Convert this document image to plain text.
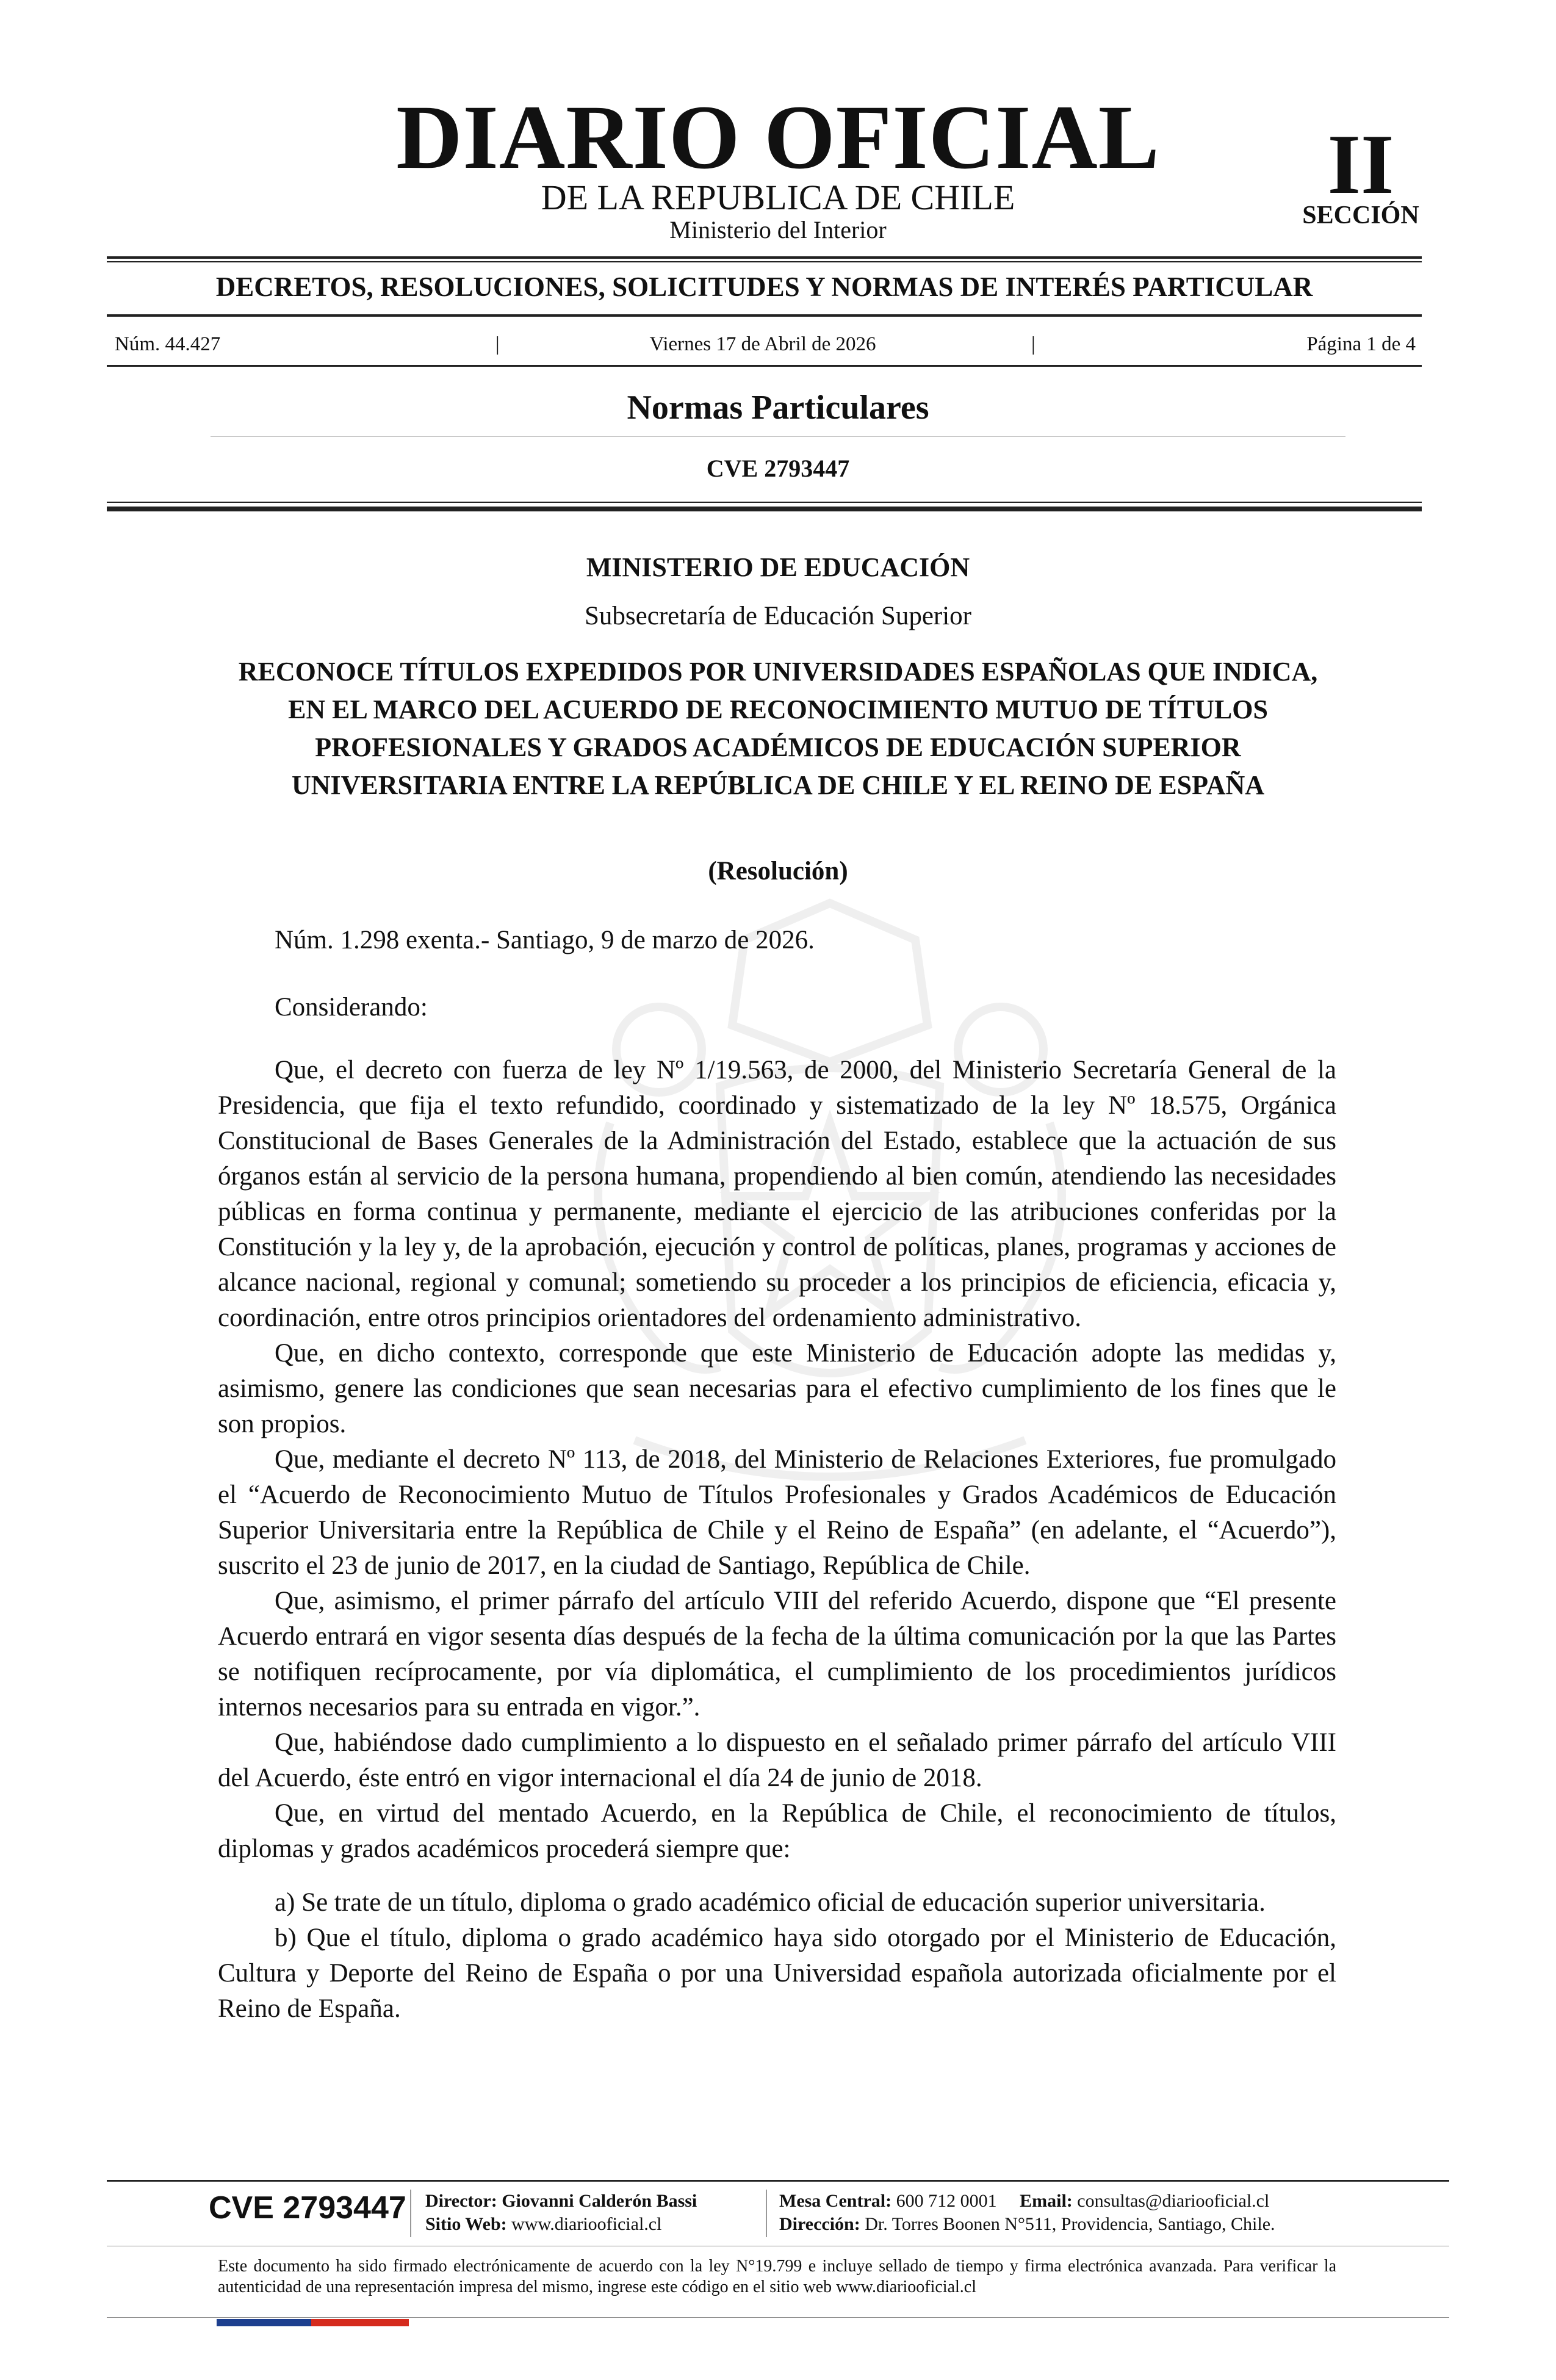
DIARIO OFICIAL
DE LA REPUBLICA DE CHILE
Ministerio del Interior
II
SECCIÓN
DECRETOS, RESOLUCIONES, SOLICITUDES Y NORMAS DE INTERÉS PARTICULAR
Núm. 44.427	|	Viernes 17 de Abril de 2026	|	Página 1 de 4
Normas Particulares
CVE 2793447
MINISTERIO DE EDUCACIÓN
Subsecretaría de Educación Superior
RECONOCE TÍTULOS EXPEDIDOS POR UNIVERSIDADES ESPAÑOLAS QUE INDICA, EN EL MARCO DEL ACUERDO DE RECONOCIMIENTO MUTUO DE TÍTULOS PROFESIONALES Y GRADOS ACADÉMICOS DE EDUCACIÓN SUPERIOR UNIVERSITARIA ENTRE LA REPÚBLICA DE CHILE Y EL REINO DE ESPAÑA
(Resolución)
Núm. 1.298 exenta.- Santiago, 9 de marzo de 2026.
Considerando:

Que, el decreto con fuerza de ley Nº 1/19.563, de 2000, del Ministerio Secretaría General de la Presidencia, que fija el texto refundido, coordinado y sistematizado de la ley Nº 18.575, Orgánica Constitucional de Bases Generales de la Administración del Estado, establece que la actuación de sus órganos están al servicio de la persona humana, propendiendo al bien común, atendiendo las necesidades públicas en forma continua y permanente, mediante el ejercicio de las atribuciones conferidas por la Constitución y la ley y, de la aprobación, ejecución y control de políticas, planes, programas y acciones de alcance nacional, regional y comunal; sometiendo su proceder a los principios de eficiencia, eficacia y, coordinación, entre otros principios orientadores del ordenamiento administrativo.

Que, en dicho contexto, corresponde que este Ministerio de Educación adopte las medidas y, asimismo, genere las condiciones que sean necesarias para el efectivo cumplimiento de los fines que le son propios.

Que, mediante el decreto Nº 113, de 2018, del Ministerio de Relaciones Exteriores, fue promulgado el “Acuerdo de Reconocimiento Mutuo de Títulos Profesionales y Grados Académicos de Educación Superior Universitaria entre la República de Chile y el Reino de España” (en adelante, el “Acuerdo”), suscrito el 23 de junio de 2017, en la ciudad de Santiago, República de Chile.

Que, asimismo, el primer párrafo del artículo VIII del referido Acuerdo, dispone que “El presente Acuerdo entrará en vigor sesenta días después de la fecha de la última comunicación por la que las Partes se notifiquen recíprocamente, por vía diplomática, el cumplimiento de los procedimientos jurídicos internos necesarios para su entrada en vigor.”.

Que, habiéndose dado cumplimiento a lo dispuesto en el señalado primer párrafo del artículo VIII del Acuerdo, éste entró en vigor internacional el día 24 de junio de 2018.

Que, en virtud del mentado Acuerdo, en la República de Chile, el reconocimiento de títulos, diplomas y grados académicos procederá siempre que:

a) Se trate de un título, diploma o grado académico oficial de educación superior universitaria.

b) Que el título, diploma o grado académico haya sido otorgado por el Ministerio de Educación, Cultura y Deporte del Reino de España o por una Universidad española autorizada oficialmente por el Reino de España.

CVE 2793447 Director: Giovanni Calderón Bassi
Sitio Web: www.diariooficial.cl
Mesa Central: 600 712 0001 Email: consultas@diariooficial.cl
Dirección: Dr. Torres Boonen N°511, Providencia, Santiago, Chile.
Este documento ha sido firmado electrónicamente de acuerdo con la ley N°19.799 e incluye sellado de tiempo y firma electrónica avanzada. Para verificar la autenticidad de una representación impresa del mismo, ingrese este código en el sitio web www.diariooficial.cl
